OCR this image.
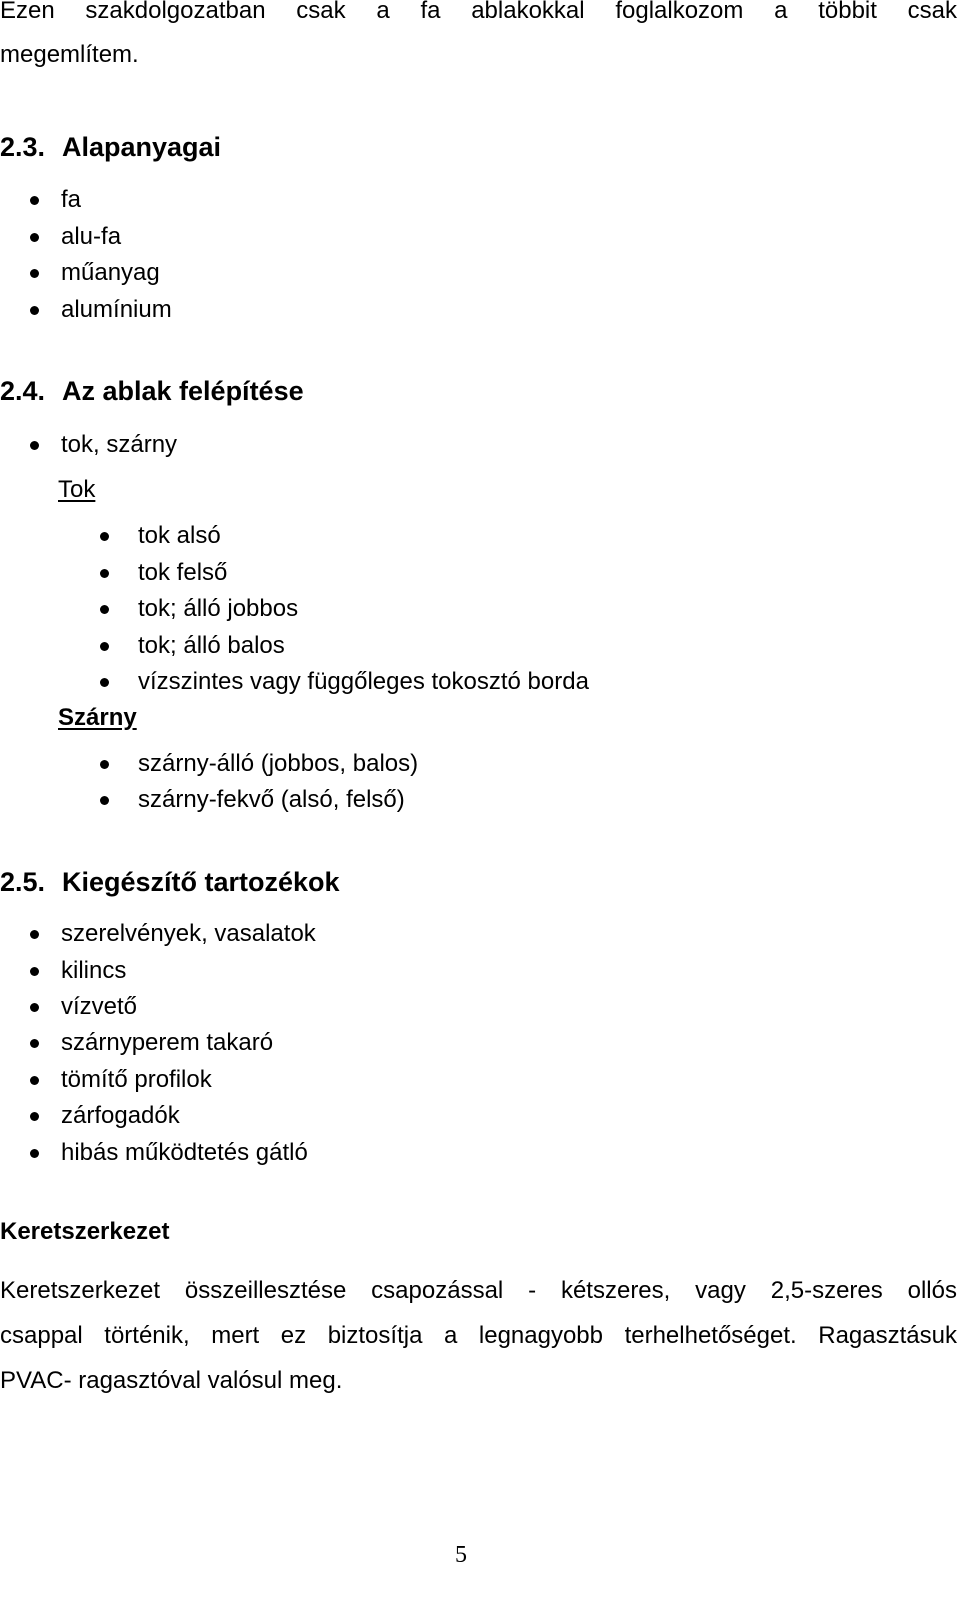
Ezen szakdolgozatban csak a fa ablakokkal foglalkozom a többit csak
megemlítem.
2.3. Alapanyagai
fa
alu-fa
műanyag
alumínium
2.4. Az ablak felépítése
tok, szárny
Tok
tok alsó
tok felső
tok; álló jobbos
tok; álló balos
vízszintes vagy függőleges tokosztó borda
Szárny
szárny-álló (jobbos, balos)
szárny-fekvő (alsó, felső)
2.5. Kiegészítő tartozékok
szerelvények, vasalatok
kilincs
vízvető
szárnyperem takaró
tömítő profilok
zárfogadók
hibás működtetés gátló
Keretszerkezet
Keretszerkezet összeillesztése csapozással - kétszeres, vagy 2,5-szeres ollós
csappal történik, mert ez biztosítja a legnagyobb terhelhetőséget. Ragasztásuk
PVAC- ragasztóval valósul meg.
5
